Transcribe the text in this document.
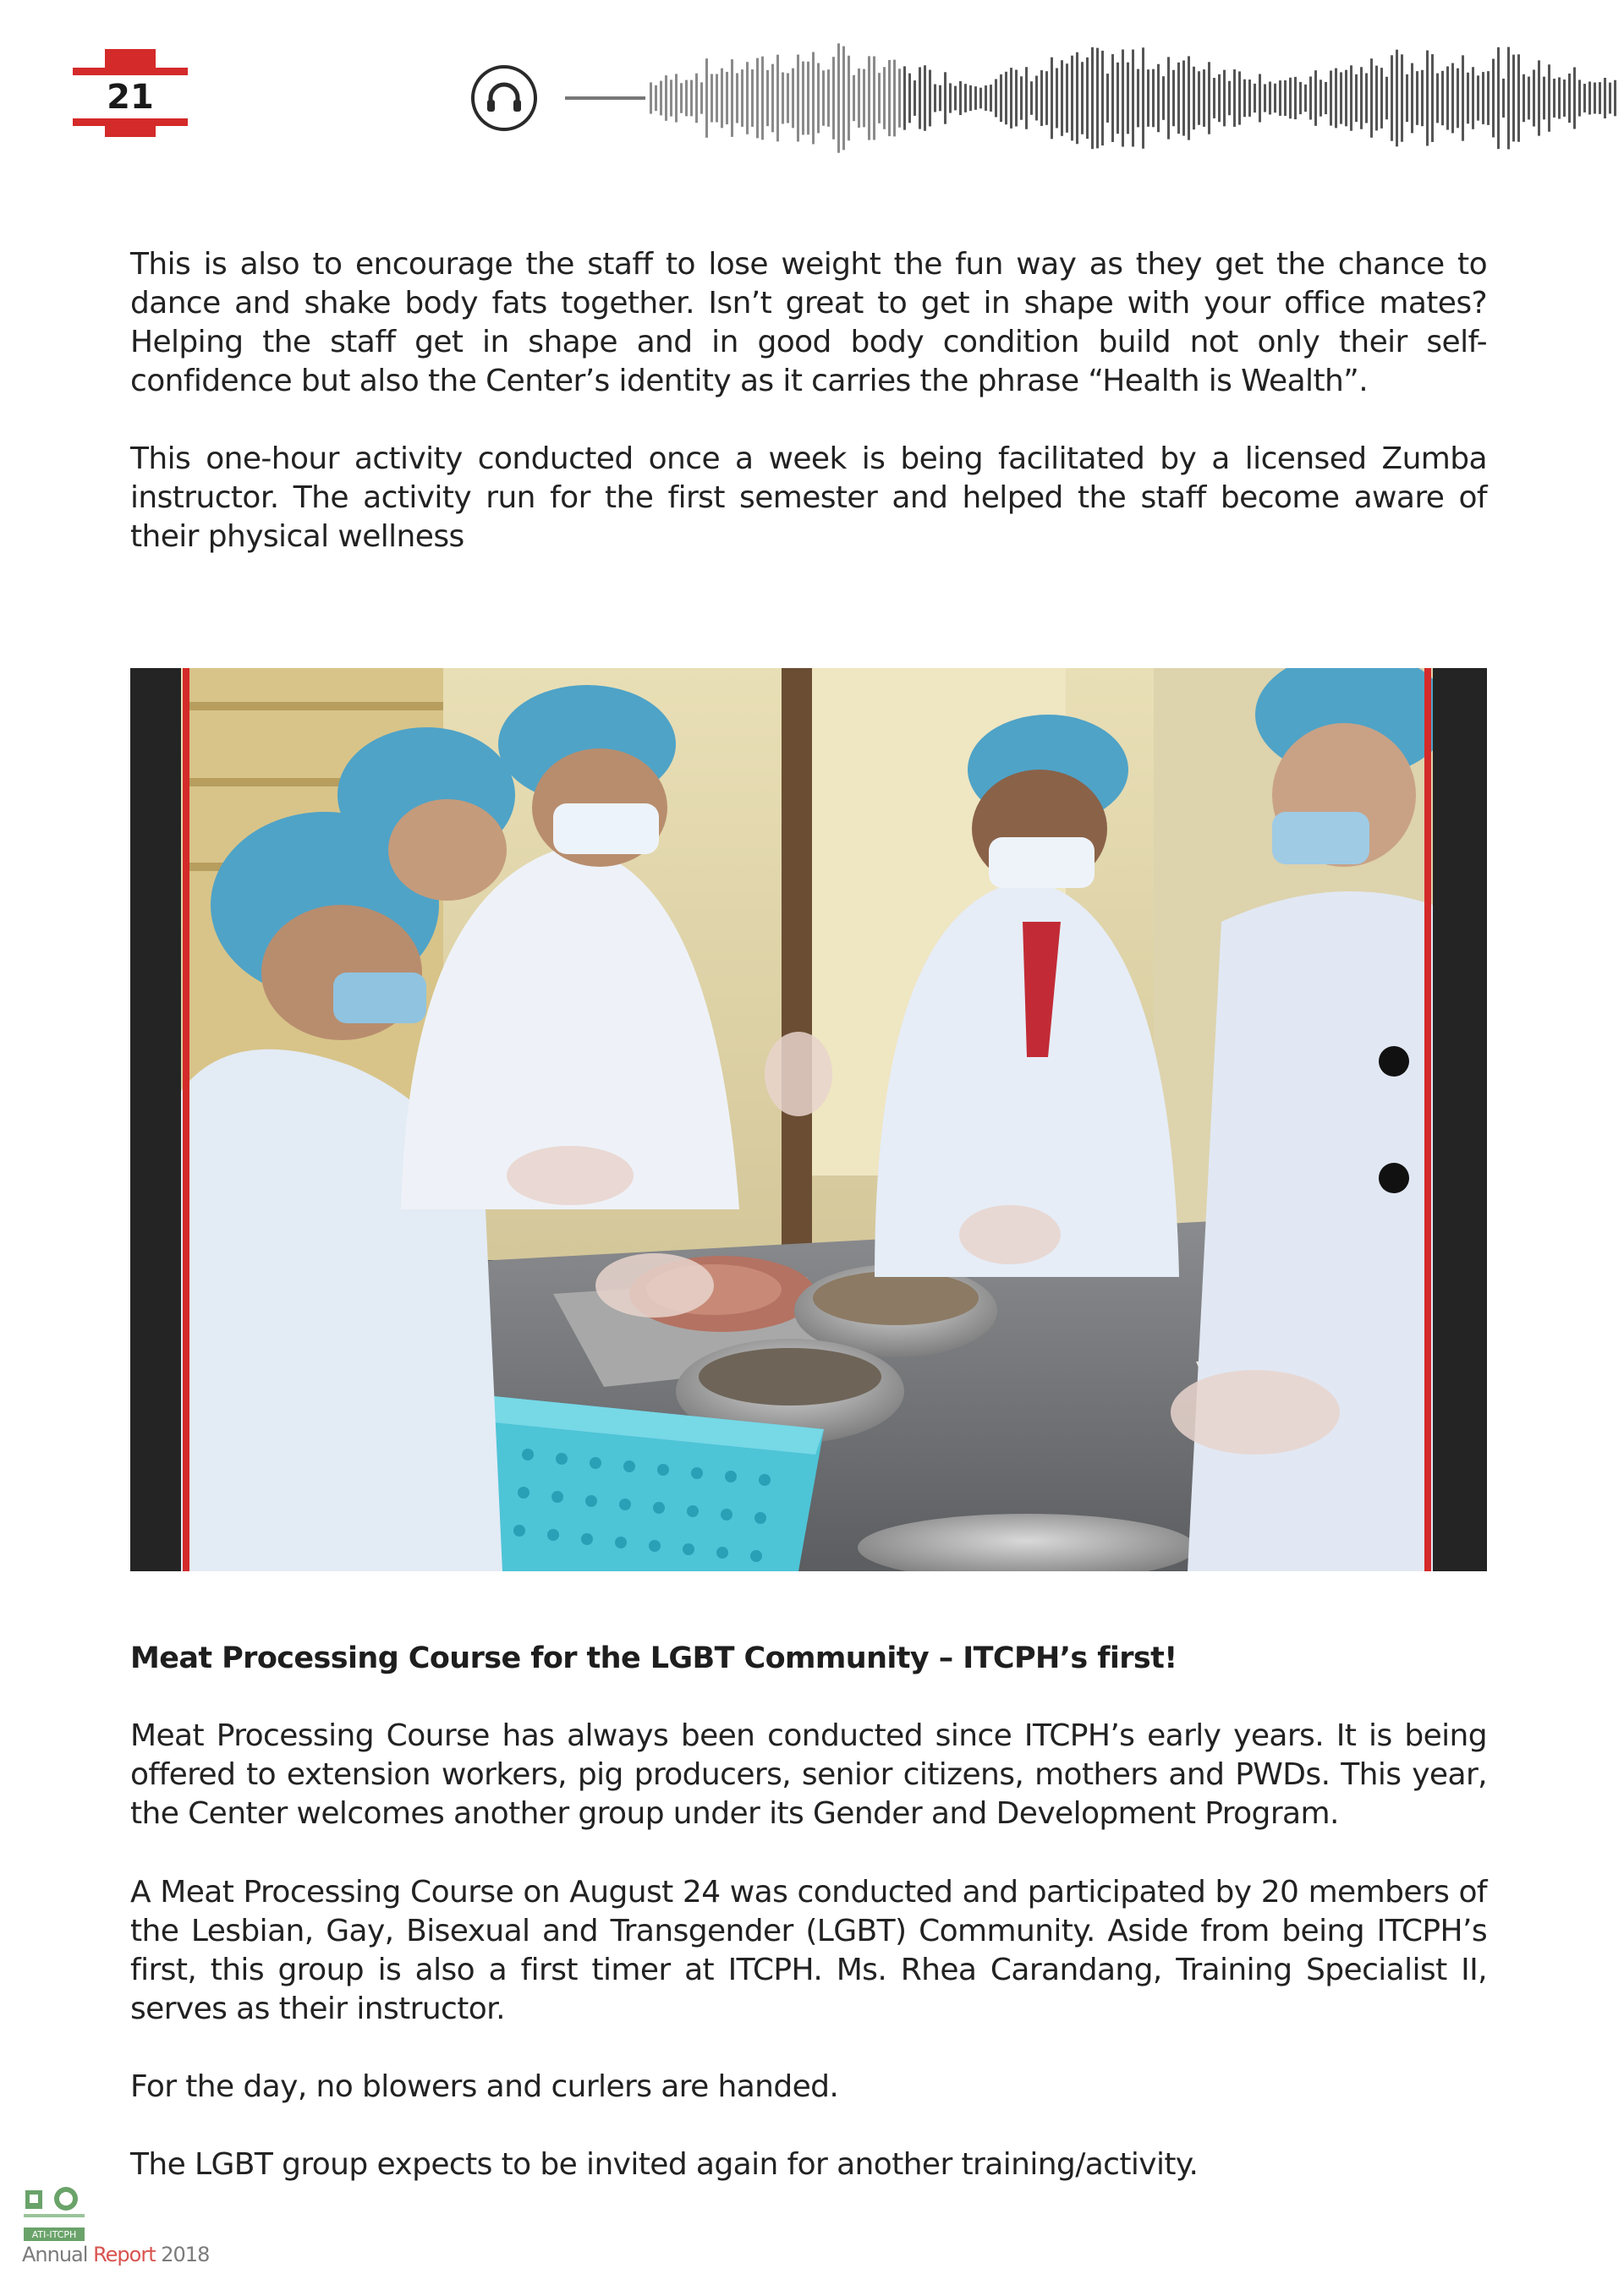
21

This is also to encourage the staff to lose weight the fun way as they get the chance to dance and shake body fats together. Isn’t great to get in shape with your office mates? Helping the staff get in shape and in good body condition build not only their self-confidence but also the Center’s identity as it carries the phrase “Health is Wealth”.

This one-hour activity conducted once a week is being facilitated by a licensed Zumba instructor. The activity run for the first semester and helped the staff become aware of their physical wellness

Meat Processing Course for the LGBT Community – ITCPH’s first!

Meat Processing Course has always been conducted since ITCPH’s early years. It is being offered to extension workers, pig producers, senior citizens, mothers and PWDs. This year, the Center welcomes another group under its Gender and Development Program.

A Meat Processing Course on August 24 was conducted and participated by 20 members of the Lesbian, Gay, Bisexual and Transgender (LGBT) Community. Aside from being ITCPH’s first, this group is also a first timer at ITCPH. Ms. Rhea Carandang, Training Specialist II, serves as their instructor.

For the day, no blowers and curlers are handed.

The LGBT group expects to be invited again for another training/activity.

ATI-ITCPH
Annual Report 2018
